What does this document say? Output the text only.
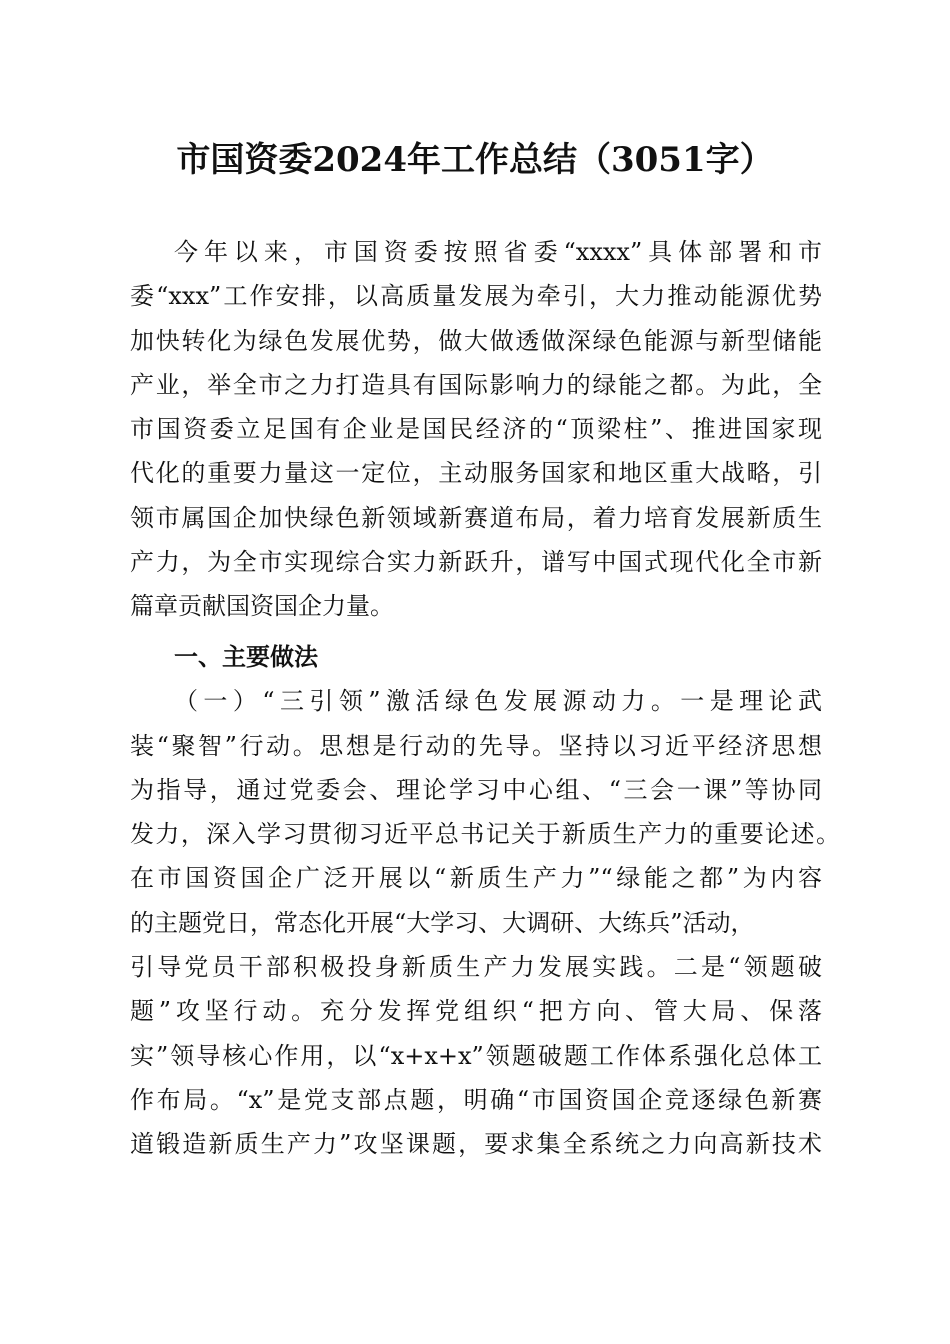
市国资委2024年工作总结（3051字）
今年以来，市国资委按照省委“xxxx”具体部署和市
委“xxx”工作安排，以高质量发展为牵引，大力推动能源优势
加快转化为绿色发展优势，做大做透做深绿色能源与新型储能
产业，举全市之力打造具有国际影响力的绿能之都。为此，全
市国资委立足国有企业是国民经济的“顶梁柱”、推进国家现
代化的重要力量这一定位，主动服务国家和地区重大战略，引
领市属国企加快绿色新领域新赛道布局，着力培育发展新质生
产力，为全市实现综合实力新跃升，谱写中国式现代化全市新
篇章贡献国资国企力量。
一、主要做法
（一）“三引领”激活绿色发展源动力。一是理论武
装“聚智”行动。思想是行动的先导。坚持以习近平经济思想
为指导，通过党委会、理论学习中心组、“三会一课”等协同
发力，深入学习贯彻习近平总书记关于新质生产力的重要论述。
在市国资国企广泛开展以“新质生产力”“绿能之都”为内容
的主题党日，常态化开展“大学习、大调研、大练兵”活动，
引导党员干部积极投身新质生产力发展实践。二是“领题破
题”攻坚行动。充分发挥党组织“把方向、管大局、保落
实”领导核心作用，以“x+x+x”领题破题工作体系强化总体工
作布局。“x”是党支部点题，明确“市国资国企竞逐绿色新赛
道锻造新质生产力”攻坚课题，要求集全系统之力向高新技术
